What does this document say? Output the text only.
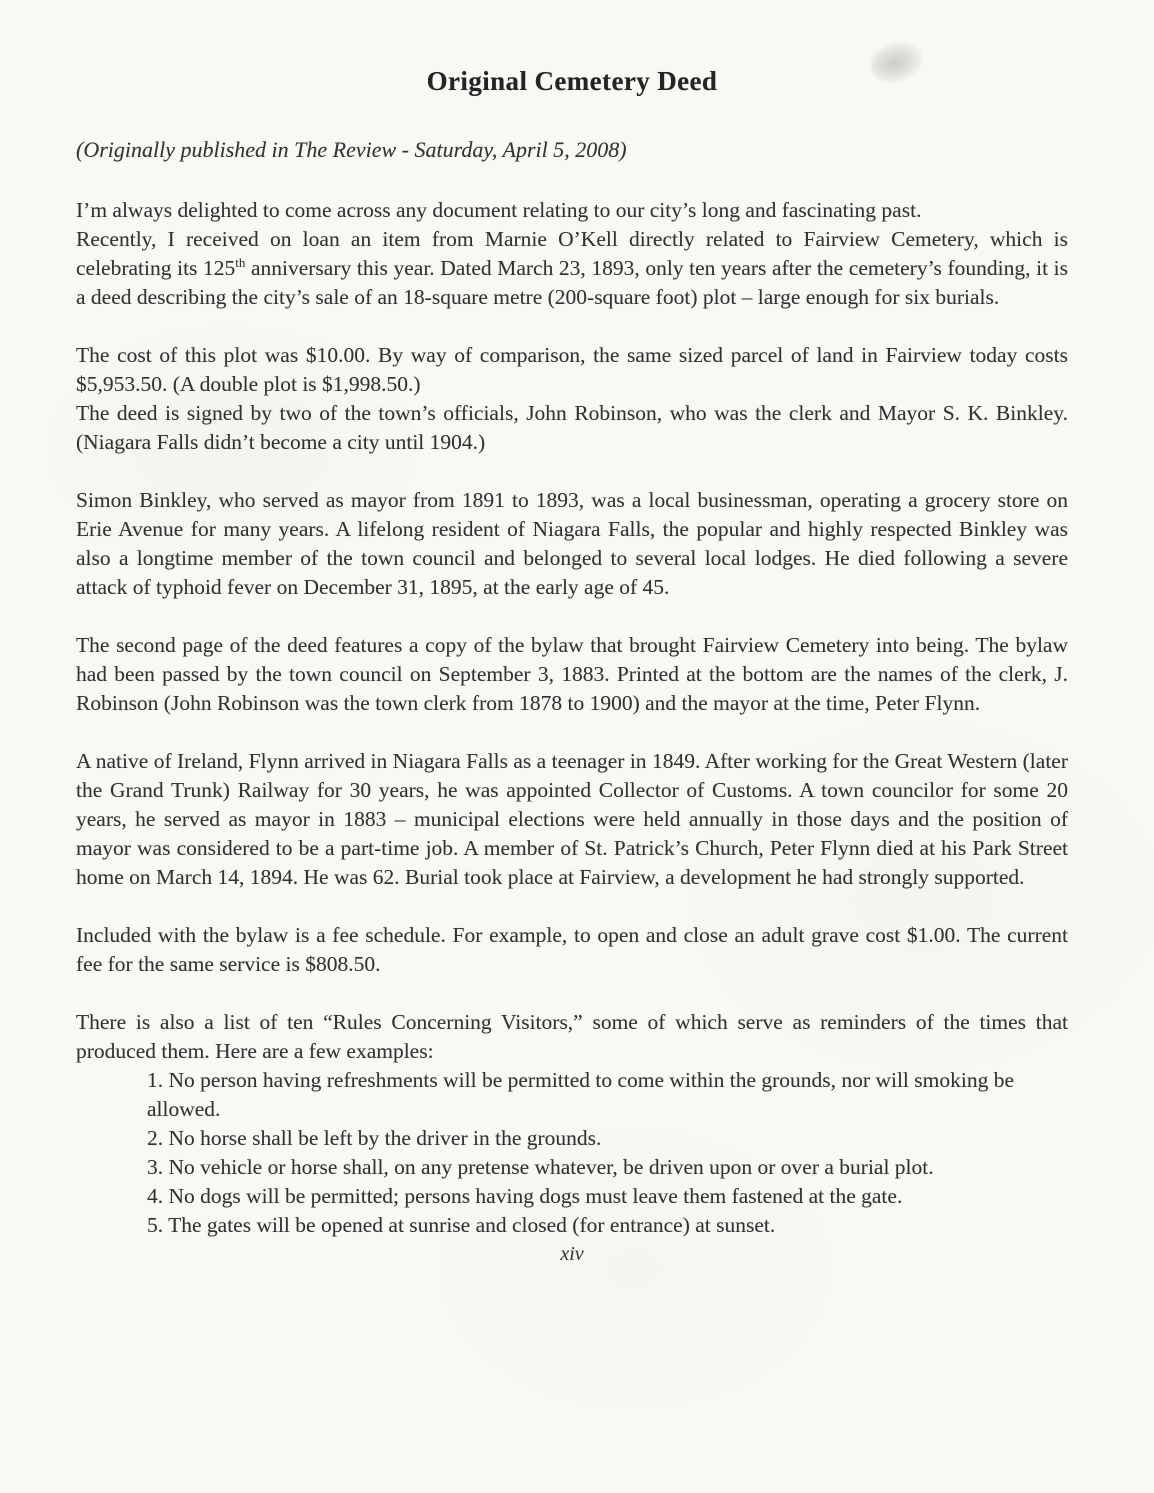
Original Cemetery Deed

(Originally published in The Review - Saturday, April 5, 2008)

I’m always delighted to come across any document relating to our city’s long and fascinating past.

Recently, I received on loan an item from Marnie O’Kell directly related to Fairview Cemetery, which is celebrating its 125th anniversary this year. Dated March 23, 1893, only ten years after the cemetery’s founding, it is a deed describing the city’s sale of an 18-square metre (200-square foot) plot – large enough for six burials.

The cost of this plot was $10.00. By way of comparison, the same sized parcel of land in Fairview today costs $5,953.50. (A double plot is $1,998.50.)

The deed is signed by two of the town’s officials, John Robinson, who was the clerk and Mayor S. K. Binkley. (Niagara Falls didn’t become a city until 1904.)

Simon Binkley, who served as mayor from 1891 to 1893, was a local businessman, operating a grocery store on Erie Avenue for many years. A lifelong resident of Niagara Falls, the popular and highly respected Binkley was also a longtime member of the town council and belonged to several local lodges. He died following a severe attack of typhoid fever on December 31, 1895, at the early age of 45.

The second page of the deed features a copy of the bylaw that brought Fairview Cemetery into being. The bylaw had been passed by the town council on September 3, 1883. Printed at the bottom are the names of the clerk, J. Robinson (John Robinson was the town clerk from 1878 to 1900) and the mayor at the time, Peter Flynn.

A native of Ireland, Flynn arrived in Niagara Falls as a teenager in 1849. After working for the Great Western (later the Grand Trunk) Railway for 30 years, he was appointed Collector of Customs. A town councilor for some 20 years, he served as mayor in 1883 – municipal elections were held annually in those days and the position of mayor was considered to be a part-time job. A member of St. Patrick’s Church, Peter Flynn died at his Park Street home on March 14, 1894. He was 62. Burial took place at Fairview, a development he had strongly supported.

Included with the bylaw is a fee schedule. For example, to open and close an adult grave cost $1.00. The current fee for the same service is $808.50.

There is also a list of ten “Rules Concerning Visitors,” some of which serve as reminders of the times that produced them. Here are a few examples:

1. No person having refreshments will be permitted to come within the grounds, nor will smoking be allowed.
2. No horse shall be left by the driver in the grounds.
3. No vehicle or horse shall, on any pretense whatever, be driven upon or over a burial plot.
4. No dogs will be permitted; persons having dogs must leave them fastened at the gate.
5. The gates will be opened at sunrise and closed (for entrance) at sunset.
xiv
